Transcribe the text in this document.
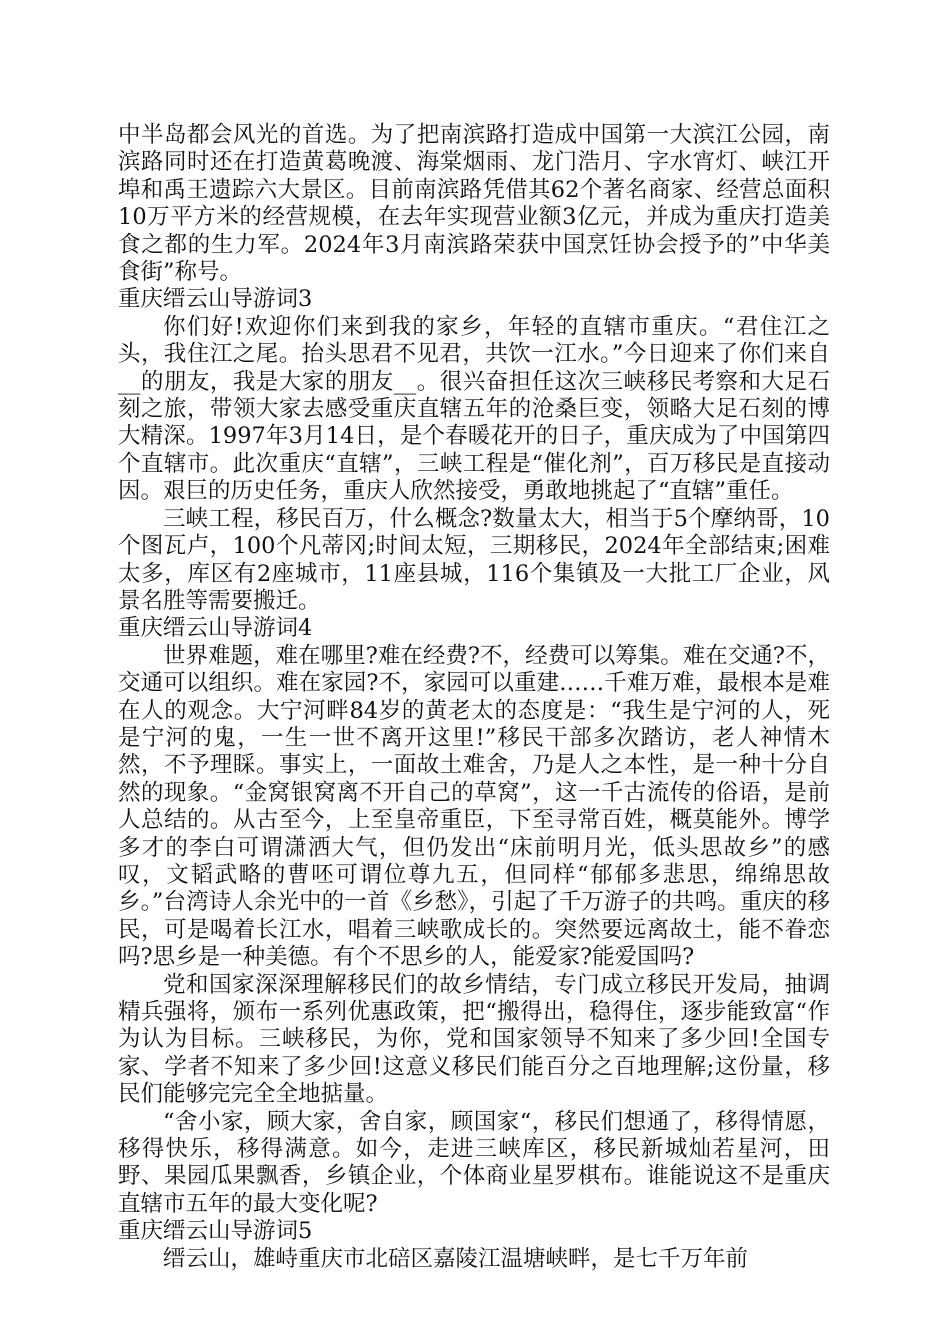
中半岛都会风光的首选。为了把南滨路打造成中国第一大滨江公园，南滨路同时还在打造黄葛晚渡、海棠烟雨、龙门浩月、字水宵灯、峡江开埠和禹王遗踪六大景区。目前南滨路凭借其62个著名商家、经营总面积10万平方米的经营规模，在去年实现营业额3亿元，并成为重庆打造美食之都的生力军。2024年3月南滨路荣获中国烹饪协会授予的”中华美食街”称号。

重庆缙云山导游词3

你们好!欢迎你们来到我的家乡，年轻的直辖市重庆。“君住江之头，我住江之尾。抬头思君不见君，共饮一江水。”今日迎来了你们来自__的朋友，我是大家的朋友__。很兴奋担任这次三峡移民考察和大足石刻之旅，带领大家去感受重庆直辖五年的沧桑巨变，领略大足石刻的博大精深。1997年3月14日，是个春暖花开的日子，重庆成为了中国第四个直辖市。此次重庆“直辖”，三峡工程是“催化剂”，百万移民是直接动因。艰巨的历史任务，重庆人欣然接受，勇敢地挑起了“直辖”重任。

三峡工程，移民百万，什么概念?数量太大，相当于5个摩纳哥，10个图瓦卢，100个凡蒂冈;时间太短，三期移民，2024年全部结束;困难太多，库区有2座城市，11座县城，116个集镇及一大批工厂企业，风景名胜等需要搬迁。

重庆缙云山导游词4

世界难题，难在哪里?难在经费?不，经费可以筹集。难在交通?不，交通可以组织。难在家园?不，家园可以重建……千难万难，最根本是难在人的观念。大宁河畔84岁的黄老太的态度是：“我生是宁河的人，死是宁河的鬼，一生一世不离开这里!”移民干部多次踏访，老人神情木然，不予理睬。事实上，一面故土难舍，乃是人之本性，是一种十分自然的现象。“金窝银窝离不开自己的草窝”，这一千古流传的俗语，是前人总结的。从古至今，上至皇帝重臣，下至寻常百姓，概莫能外。博学多才的李白可谓潇洒大气，但仍发出“床前明月光，低头思故乡”的感叹，文韬武略的曹呸可谓位尊九五，但同样“郁郁多悲思，绵绵思故乡。”台湾诗人余光中的一首《乡愁》，引起了千万游子的共鸣。重庆的移民，可是喝着长江水，唱着三峡歌成长的。突然要远离故土，能不眷恋吗?思乡是一种美德。有个不思乡的人，能爱家?能爱国吗?

党和国家深深理解移民们的故乡情结，专门成立移民开发局，抽调精兵强将，颁布一系列优惠政策，把“搬得出，稳得住，逐步能致富“作为认为目标。三峡移民，为你，党和国家领导不知来了多少回!全国专家、学者不知来了多少回!这意义移民们能百分之百地理解;这份量，移民们能够完完全全地掂量。

“舍小家，顾大家，舍自家，顾国家“，移民们想通了，移得情愿，移得快乐，移得满意。如今，走进三峡库区，移民新城灿若星河，田野、果园瓜果飘香，乡镇企业，个体商业星罗棋布。谁能说这不是重庆直辖市五年的最大变化呢?

重庆缙云山导游词5

缙云山，雄峙重庆市北碚区嘉陵江温塘峡畔，是七千万年前
